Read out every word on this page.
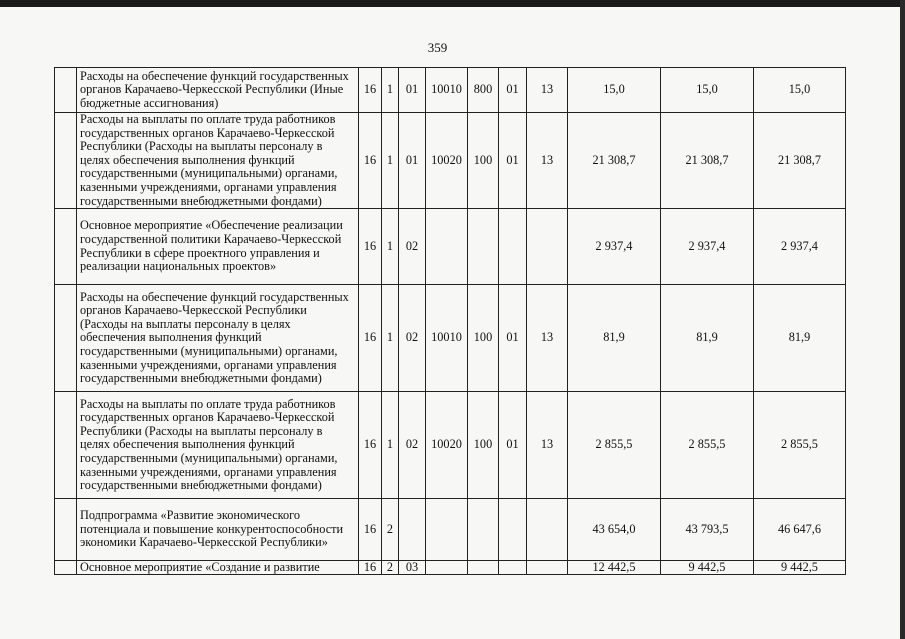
359
	Расходы на обеспечение функций государственных органов Карачаево-Черкесской Республики (Иные бюджетные ассигнования)	16	1	01	10010	800	01	13	15,0	15,0	15,0
	Расходы на выплаты по оплате труда работников государственных органов Карачаево-Черкесской Республики (Расходы на выплаты персоналу в целях обеспечения выполнения функций государственными (муниципальными) органами, казенными учреждениями, органами управления государственными внебюджетными фондами)	16	1	01	10020	100	01	13	21 308,7	21 308,7	21 308,7
	Основное мероприятие «Обеспечение реализации государственной политики Карачаево-Черкесской Республики в сфере проектного управления и реализации национальных проектов»	16	1	02					2 937,4	2 937,4	2 937,4
	Расходы на обеспечение функций государственных органов Карачаево-Черкесской Республики (Расходы на выплаты персоналу в целях обеспечения выполнения функций государственными (муниципальными) органами, казенными учреждениями, органами управления государственными внебюджетными фондами)	16	1	02	10010	100	01	13	81,9	81,9	81,9
	Расходы на выплаты по оплате труда работников государственных органов Карачаево-Черкесской Республики (Расходы на выплаты персоналу в целях обеспечения выполнения функций государственными (муниципальными) органами, казенными учреждениями, органами управления государственными внебюджетными фондами)	16	1	02	10020	100	01	13	2 855,5	2 855,5	2 855,5
	Подпрограмма «Развитие экономического потенциала и повышение конкурентоспособности экономики Карачаево-Черкесской Республики»	16	2						43 654,0	43 793,5	46 647,6
	Основное мероприятие «Создание и развитие	16	2	03					12 442,5	9 442,5	9 442,5
